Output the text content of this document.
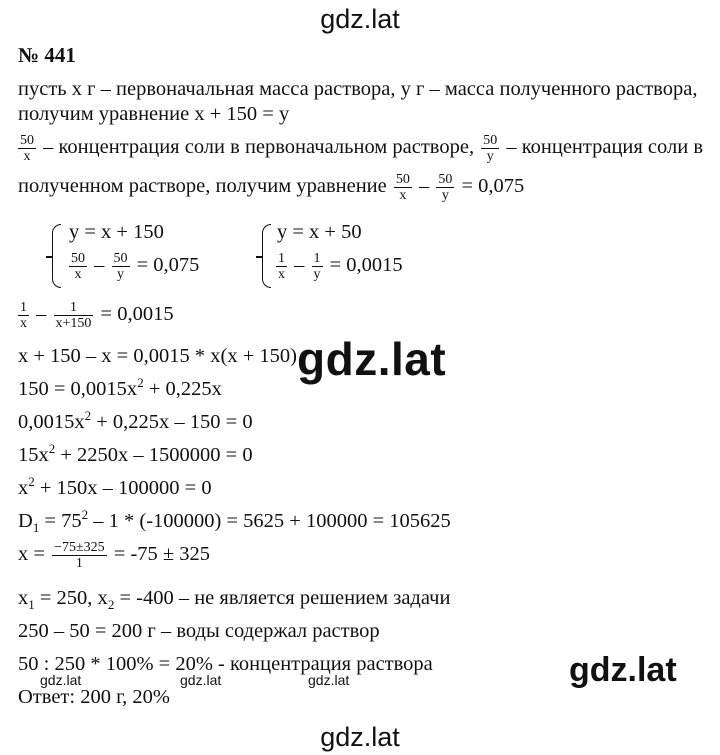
gdz.lat
gdz.lat
gdz.lat
gdz.lat	gdz.lat	gdz.lat
gdz.lat
№ 441
пусть х г – первоначальная масса раствора, у г – масса полученного раствора,
получим уравнение х + 150 = у
$\frac{50}{x}$ – концентрация соли в первоначальном растворе, $\frac{50}{y}$ – концентрация соли в
полученном растворе, получим уравнение $\frac{50}{x} - \frac{50}{y} = 0,075$
y = x + 150
$\frac{50}{x} - \frac{50}{y} = 0,075$
y = x + 50
$\frac{1}{x} - \frac{1}{y} = 0,0015$
$\frac{1}{x} - \frac{1}{x+150} = 0,0015$
x + 150 – x = 0,0015 * x(x + 150)
$150 = 0,0015x^2 + 0,225x$
$0,0015x^2 + 0,225x - 150 = 0$
$15x^2 + 2250x - 1500000 = 0$
$x^2 + 150x - 100000 = 0$
$D_1 = 75^2 - 1 * (-100000) = 5625 + 100000 = 105625$
$x = \frac{-75\pm 325}{1} = -75 \pm 325$
$x_1 = 250$, $x_2 = -400$ – не является решением задачи
250 – 50 = 200 г – воды содержал раствор
50 : 250 * 100% = 20% - концентрация раствора
Ответ: 200 г, 20%
